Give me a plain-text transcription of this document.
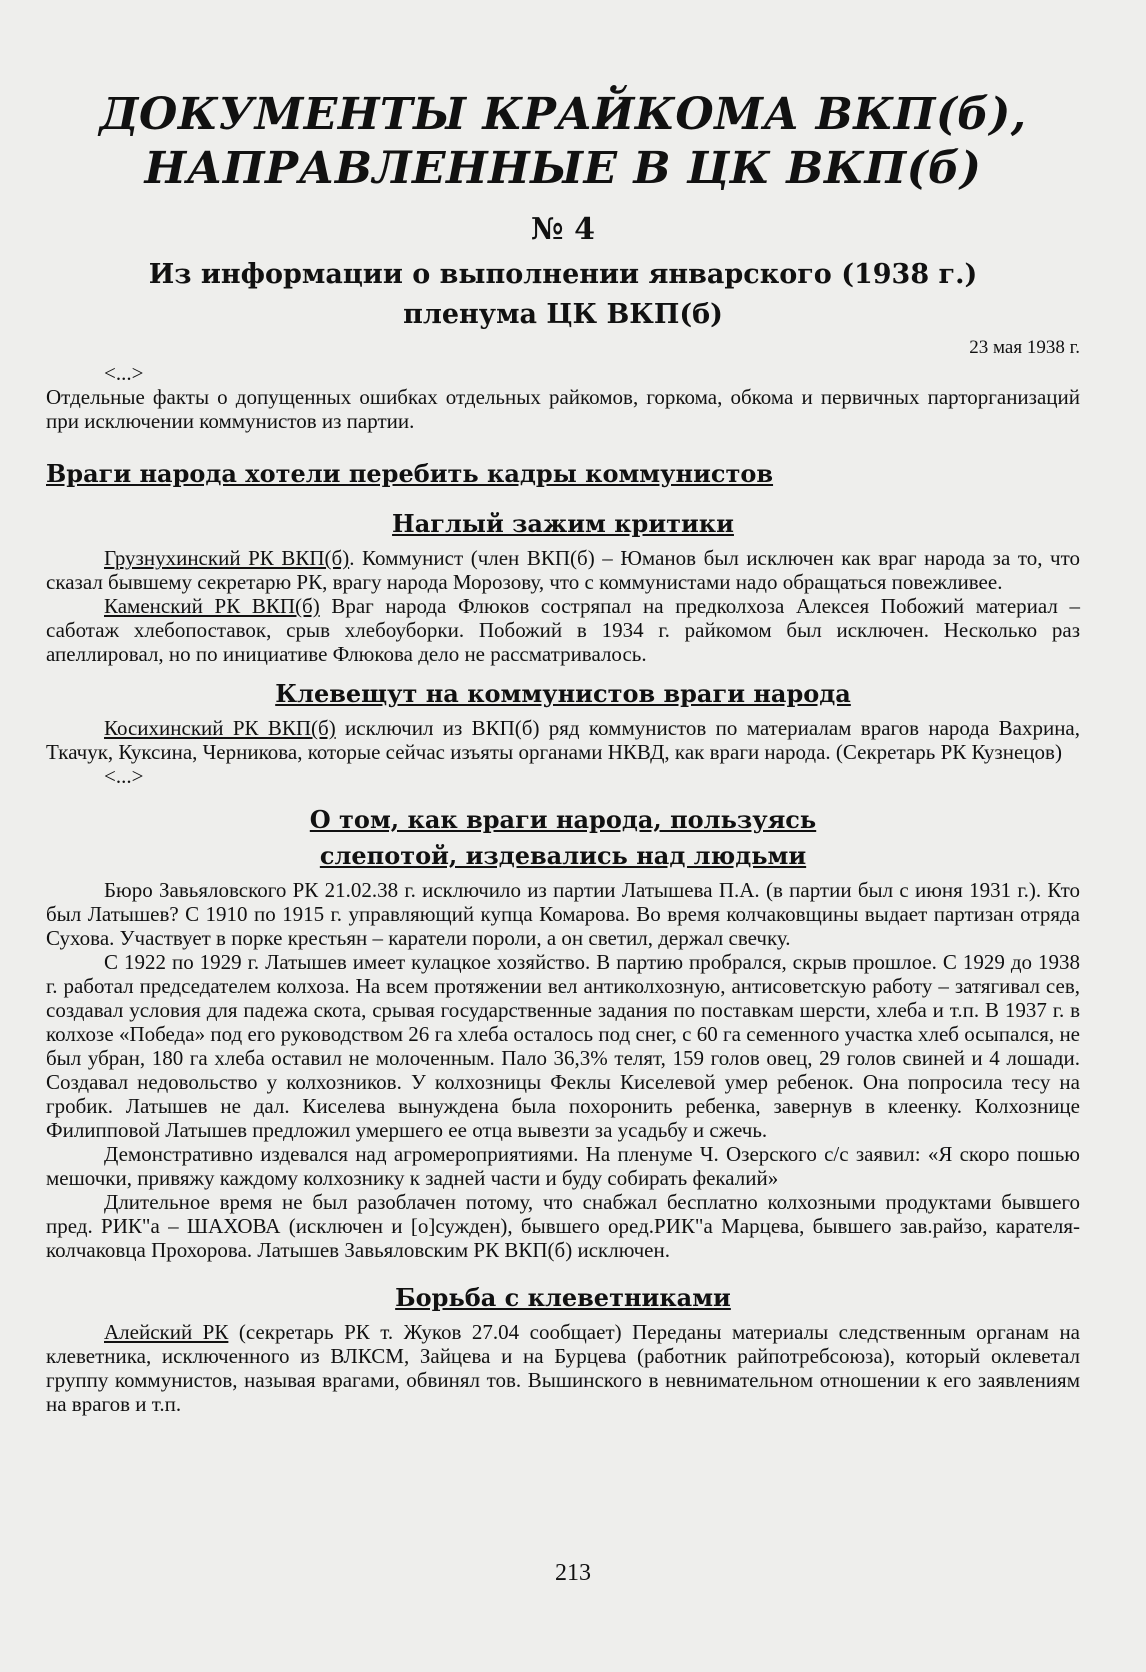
ДОКУМЕНТЫ КРАЙКОМА ВКП(б),
НАПРАВЛЕННЫЕ В ЦК ВКП(б)
№ 4
Из информации о выполнении январского (1938 г.)
пленума ЦК ВКП(б)
23 мая 1938 г.
<...>

Отдельные факты о допущенных ошибках отдельных райкомов, горкома, обкома и первичных парторганизаций при исключении коммунистов из партии.

Враги народа хотели перебить кадры коммунистов
Наглый зажим критики

Грузнухинский РК ВКП(б). Коммунист (член ВКП(б) – Юманов был исключен как враг народа за то, что сказал бывшему секретарю РК, врагу народа Морозову, что с коммунистами надо обращаться повежливее.

Каменский РК ВКП(б) Враг народа Флюков состряпал на предколхоза Алексея Побожий материал – саботаж хлебопоставок, срыв хлебоуборки. Побожий в 1934 г. райкомом был исключен. Несколько раз апеллировал, но по инициативе Флюкова дело не рассматривалось.

Клевещут на коммунистов враги народа

Косихинский РК ВКП(б) исключил из ВКП(б) ряд коммунистов по материалам врагов народа Вахрина, Ткачук, Куксина, Черникова, которые сейчас изъяты органами НКВД, как враги народа. (Секретарь РК Кузнецов)

<...>
О том, как враги народа, пользуясь
слепотой, издевались над людьми

Бюро Завьяловского РК 21.02.38 г. исключило из партии Латышева П.А. (в партии был с июня 1931 г.). Кто был Латышев? С 1910 по 1915 г. управляющий купца Комарова. Во время колчаковщины выдает партизан отряда Сухова. Участвует в порке крестьян – каратели пороли, а он светил, держал свечку.

С 1922 по 1929 г. Латышев имеет кулацкое хозяйство. В партию пробрался, скрыв прошлое. С 1929 до 1938 г. работал председателем колхоза. На всем протяжении вел антиколхозную, антисоветскую работу – затягивал сев, создавал условия для падежа скота, срывая государственные задания по поставкам шерсти, хлеба и т.п. В 1937 г. в колхозе «Победа» под его руководством 26 га хлеба осталось под снег, с 60 га семенного участка хлеб осыпался, не был убран, 180 га хлеба оставил не молоченным. Пало 36,3% телят, 159 голов овец, 29 голов свиней и 4 лошади. Создавал недовольство у колхозников. У колхозницы Феклы Киселевой умер ребенок. Она попросила тесу на гробик. Латышев не дал. Киселева вынуждена была похоронить ребенка, завернув в клеенку. Колхознице Филипповой Латышев предложил умершего ее отца вывезти за усадьбу и сжечь.

Демонстративно издевался над агромероприятиями. На пленуме Ч. Озерского с/с заявил: «Я скоро пошью мешочки, привяжу каждому колхознику к задней части и буду собирать фекалий»

Длительное время не был разоблачен потому, что снабжал бесплатно колхозными продуктами бывшего пред. РИК"а – ШАХОВА (исключен и [о]сужден), бывшего оред.РИК"а Марцева, бывшего зав.райзо, карателя-колчаковца Прохорова. Латышев Завьяловским РК ВКП(б) исключен.

Борьба с клеветниками

Алейский РК (секретарь РК т. Жуков 27.04 сообщает) Переданы материалы следственным органам на клеветника, исключенного из ВЛКСМ, Зайцева и на Бурцева (работник райпотребсоюза), который оклеветал группу коммунистов, называя врагами, обвинял тов. Вышинского в невнимательном отношении к его заявлениям на врагов и т.п.

213
